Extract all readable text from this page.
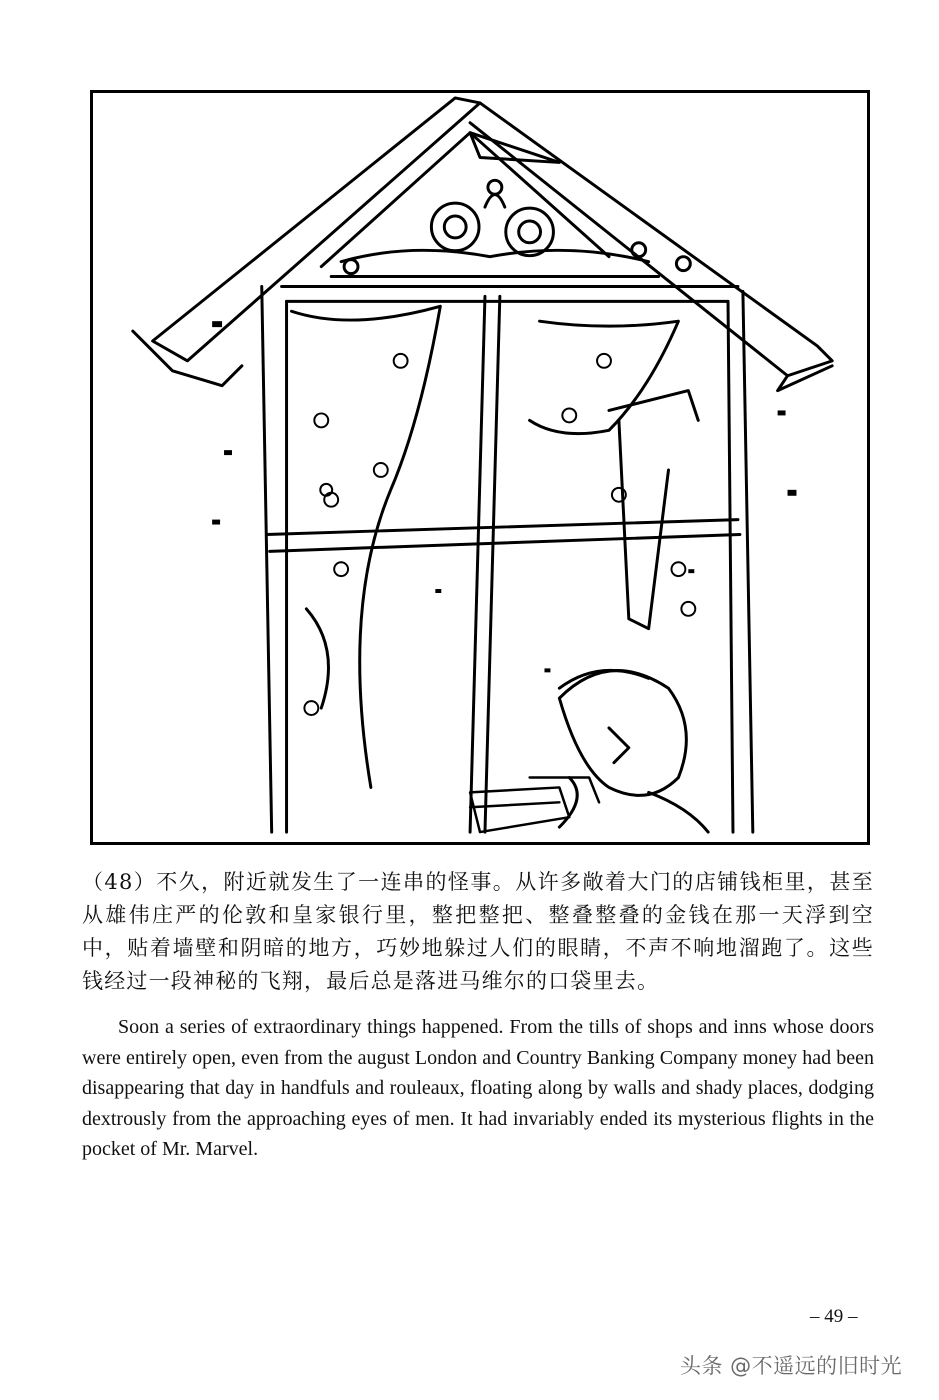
（48）不久，附近就发生了一连串的怪事。从许多敞着大门的店铺钱柜里，甚至从雄伟庄严的伦敦和皇家银行里，整把整把、整叠整叠的金钱在那一天浮到空中，贴着墙壁和阴暗的地方，巧妙地躲过人们的眼睛，不声不响地溜跑了。这些钱经过一段神秘的飞翔，最后总是落进马维尔的口袋里去。

Soon a series of extraordinary things happened. From the tills of shops and inns whose doors were entirely open, even from the august London and Country Banking Company money had been disappearing that day in handfuls and rouleaux, floating along by walls and shady places, dodging dextrously from the approaching eyes of men. It had invariably ended its mysterious flights in the pocket of Mr. Marvel.

– 49 –
头条 @不遥远的旧时光
